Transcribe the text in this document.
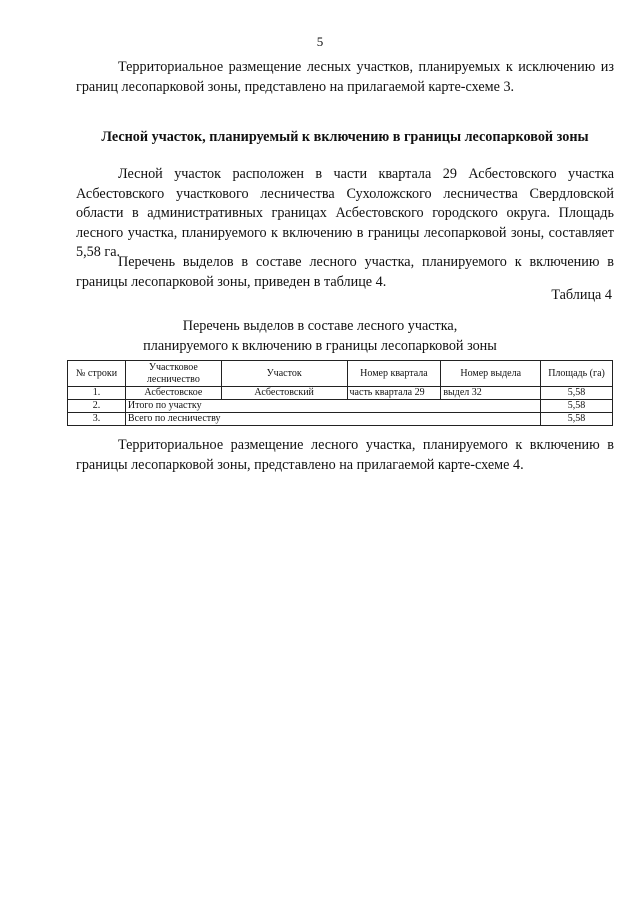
5

Территориальное размещение лесных участков, планируемых к исключению из границ лесопарковой зоны, представлено на прилагаемой карте-схеме 3.

Лесной участок, планируемый к включению в границы лесопарковой зоны

Лесной участок расположен в части квартала 29 Асбестовского участка Асбестовского участкового лесничества Сухоложского лесничества Свердловской области в административных границах Асбестовского городского округа. Площадь лесного участка, планируемого к включению в границы лесопарковой зоны, составляет 5,58 га.

Перечень выделов в составе лесного участка, планируемого к включению в границы лесопарковой зоны, приведен в таблице 4.

Таблица 4
Перечень выделов в составе лесного участка,
планируемого к включению в границы лесопарковой зоны
№ строки	Участковое лесничество	Участок	Номер квартала	Номер выдела	Площадь (га)
1.	Асбестовское	Асбестовский	часть квартала 29	выдел 32	5,58
2.	Итого по участку				5,58
3.	Всего по лесничеству				5,58

Территориальное размещение лесного участка, планируемого к включению в границы лесопарковой зоны, представлено на прилагаемой карте-схеме 4.
